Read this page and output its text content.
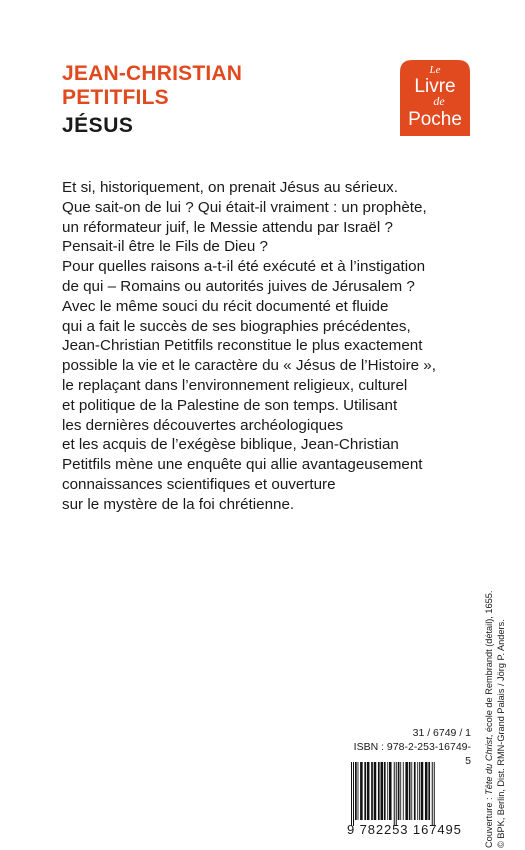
JEAN-CHRISTIAN
PETITFILS
JÉSUS
Le
Livre
de
Poche
Et si, historiquement, on prenait Jésus au sérieux.
Que sait-on de lui ? Qui était-il vraiment : un prophète,
un réformateur juif, le Messie attendu par Israël ?
Pensait-il être le Fils de Dieu ?
Pour quelles raisons a-t-il été exécuté et à l’instigation
de qui – Romains ou autorités juives de Jérusalem ?
Avec le même souci du récit documenté et fluide
qui a fait le succès de ses biographies précédentes,
Jean-Christian Petitfils reconstitue le plus exactement
possible la vie et le caractère du « Jésus de l’Histoire »,
le replaçant dans l’environnement religieux, culturel
et politique de la Palestine de son temps. Utilisant
les dernières découvertes archéologiques
et les acquis de l’exégèse biblique, Jean-Christian
Petitfils mène une enquête qui allie avantageusement
connaissances scientifiques et ouverture
sur le mystère de la foi chrétienne.
Couverture : Tête du Christ, école de Rembrandt (détail), 1655. © BPK, Berlin, Dist. RMN-Grand Palais / Jörg P. Anders.
31 / 6749 / 1
ISBN : 978-2-253-16749-5
9 782253 167495
